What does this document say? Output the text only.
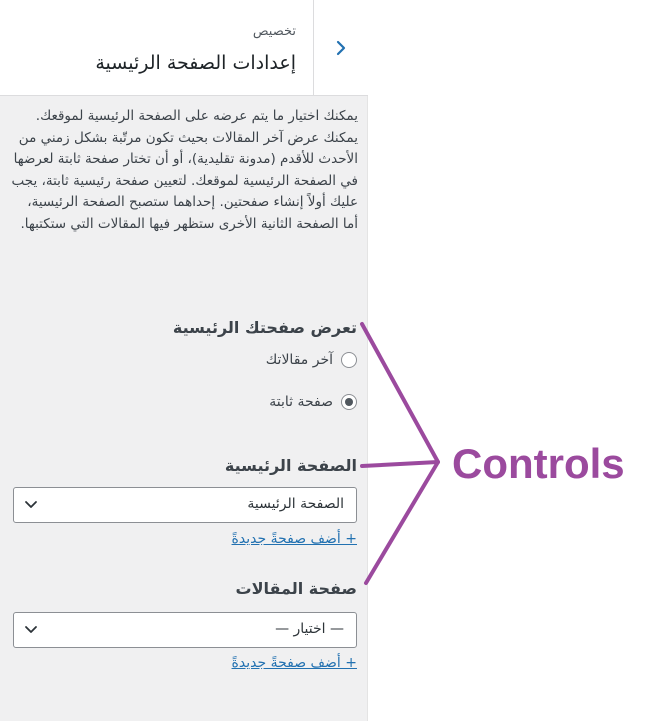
تخصيص
إعدادات الصفحة الرئيسية

يمكنك اختيار ما يتم عرضه على الصفحة الرئيسية لموقعك. يمكنك عرض آخر المقالات بحيث تكون مرتّبة بشكل زمني من الأحدث للأقدم (مدونة تقليدية)، أو أن تختار صفحة ثابتة لعرضها في الصفحة الرئيسية لموقعك. لتعيين صفحة رئيسية ثابتة، يجب عليك أولاً إنشاء صفحتين. إحداهما ستصبح الصفحة الرئيسية، أما الصفحة الثانية الأخرى ستظهر فيها المقالات التي ستكتبها.

تعرض صفحتك الرئيسية
آخر مقالاتك
صفحة ثابتة
الصفحة الرئيسية
الصفحة الرئيسية
+ أضف صفحةً جديدةً
صفحة المقالات
— اختيار —
+ أضف صفحةً جديدةً
Controls
